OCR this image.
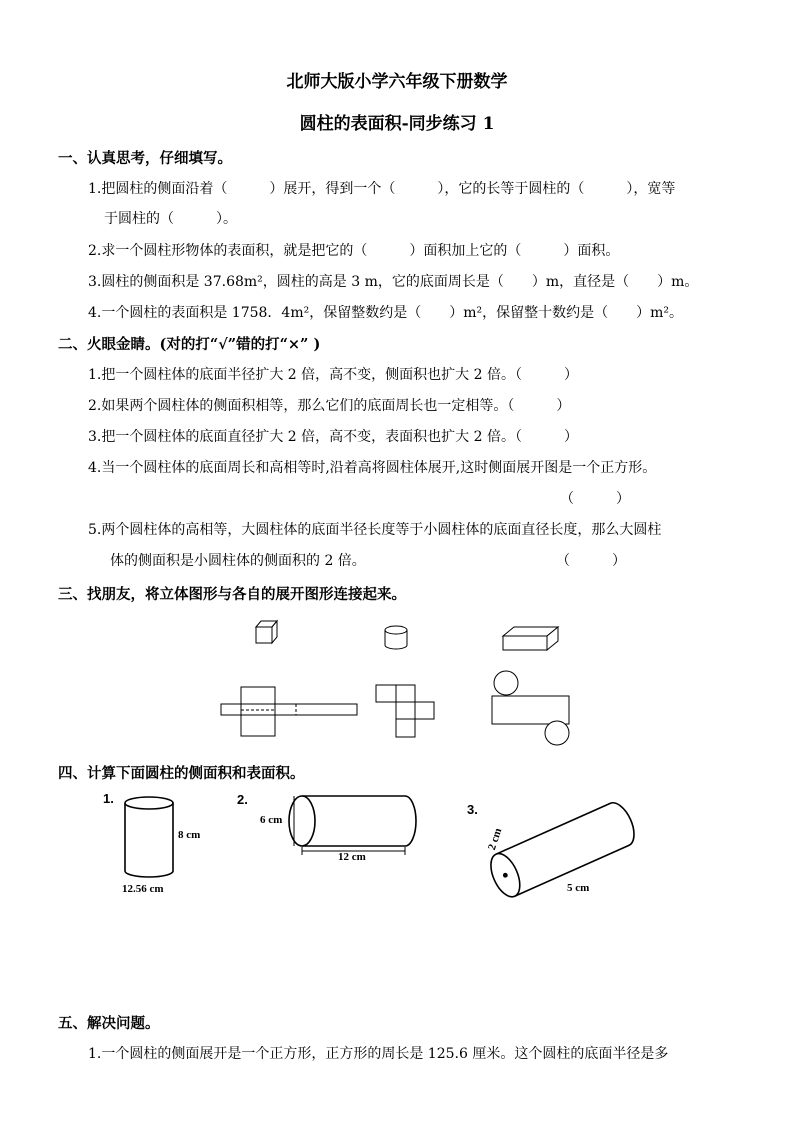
北师大版小学六年级下册数学
圆柱的表面积-同步练习 1
一、认真思考，仔细填写。
1.把圆柱的侧面沿着（　　　）展开，得到一个（　　　），它的长等于圆柱的（　　　），宽等
于圆柱的（　　　）。
2.求一个圆柱形物体的表面积，就是把它的（　　　）面积加上它的（　　　）面积。
3.圆柱的侧面积是 37.68m²，圆柱的高是 3 m，它的底面周长是（　　）m，直径是（　　）m。
4.一个圆柱的表面积是 1758．4m²，保留整数约是（　　）m²，保留整十数约是（　　）m²。
二、火眼金睛。(对的打“√”错的打“×” )
1.把一个圆柱体的底面半径扩大 2 倍，高不变，侧面积也扩大 2 倍。（　　　）
2.如果两个圆柱体的侧面积相等，那么它们的底面周长也一定相等。（　　　）
3.把一个圆柱体的底面直径扩大 2 倍，高不变，表面积也扩大 2 倍。（　　　）
4.当一个圆柱体的底面周长和高相等时,沿着高将圆柱体展开,这时侧面展开图是一个正方形。
（　　　）
5.两个圆柱体的高相等，大圆柱体的底面半径长度等于小圆柱体的底面直径长度，那么大圆柱
体的侧面积是小圆柱体的侧面积的 2 倍。	（　　　）
三、找朋友，将立体图形与各自的展开图形连接起来。
四、计算下面圆柱的侧面积和表面积。
1.
8 cm
12.56 cm
2.
6 cm
12 cm
3.
2 cm
5 cm
五、解决问题。
1.一个圆柱的侧面展开是一个正方形，正方形的周长是 125.6 厘米。这个圆柱的底面半径是多
